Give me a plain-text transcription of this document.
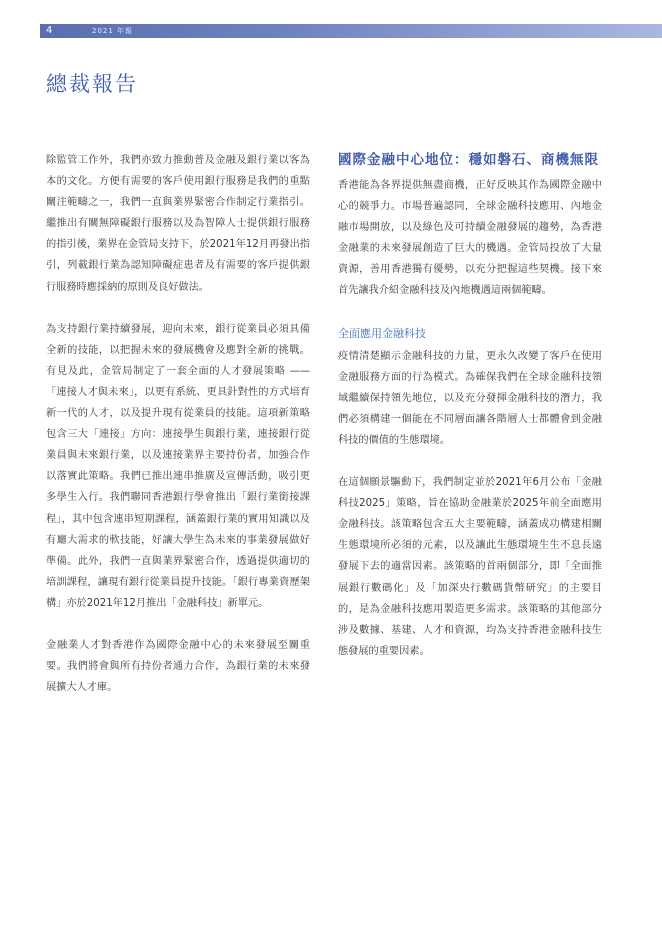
4	2021 年報
總裁報告

除監管工作外，我們亦致力推動普及金融及銀行業以客為本的文化。方便有需要的客戶使用銀行服務是我們的重點關注範疇之一，我們一直與業界緊密合作制定行業指引。繼推出有關無障礙銀行服務以及為智障人士提供銀行服務的指引後，業界在金管局支持下，於2021年12月再發出指引，列載銀行業為認知障礙症患者及有需要的客戶提供銀行服務時應採納的原則及良好做法。

為支持銀行業持續發展，迎向未來，銀行從業員必須具備全新的技能，以把握未來的發展機會及應對全新的挑戰。有見及此，金管局制定了一套全面的人才發展策略 ——「連接人才與未來」，以更有系統、更具針對性的方式培育新一代的人才，以及提升現有從業員的技能。這項新策略包含三大「連接」方向：連接學生與銀行業，連接銀行從業員與未來銀行業，以及連接業界主要持份者，加強合作以落實此策略。我們已推出連串推廣及宣傳活動，吸引更多學生入行。我們聯同香港銀行學會推出「銀行業銜接課程」，其中包含連串短期課程，涵蓋銀行業的實用知識以及有廳大需求的軟技能，好讓大學生為未來的事業發展做好準備。此外，我們一直與業界緊密合作，透過提供適切的培訓課程，讓現有銀行從業員提升技能。「銀行專業資歷架構」亦於2021年12月推出「金融科技」新單元。

金融業人才對香港作為國際金融中心的未來發展至關重要。我們將會與所有持份者通力合作，為銀行業的未來發展擴大人才庫。

國際金融中心地位：穩如磐石、商機無限

香港能為各界提供無盡商機，正好反映其作為國際金融中心的競爭力。市場普遍認同，全球金融科技應用、內地金融市場開放，以及綠色及可持續金融發展的趨勢，為香港金融業的未來發展創造了巨大的機遇。金管局投放了大量資源，善用香港獨有優勢，以充分把握這些契機。接下來首先讓我介紹金融科技及內地機遇這兩個範疇。

全面應用金融科技

疫情清楚顯示金融科技的力量，更永久改變了客戶在使用金融服務方面的行為模式。為確保我們在全球金融科技領域繼續保持領先地位，以及充分發揮金融科技的潛力，我們必須構建一個能在不同層面讓各階層人士都體會到金融科技的價值的生態環境。

在這個願景驅動下，我們制定並於2021年6月公布「金融科技2025」策略，旨在協助金融業於2025年前全面應用金融科技。該策略包含五大主要範疇，涵蓋成功構建相關生態環境所必須的元素，以及讓此生態環境生生不息長遠發展下去的適當因素。該策略的首兩個部分，即「全面推展銀行數碼化」及「加深央行數碼貨幣研究」的主要目的，是為金融科技應用製造更多需求。該策略的其他部分涉及數據、基建、人才和資源，均為支持香港金融科技生態發展的重要因素。
